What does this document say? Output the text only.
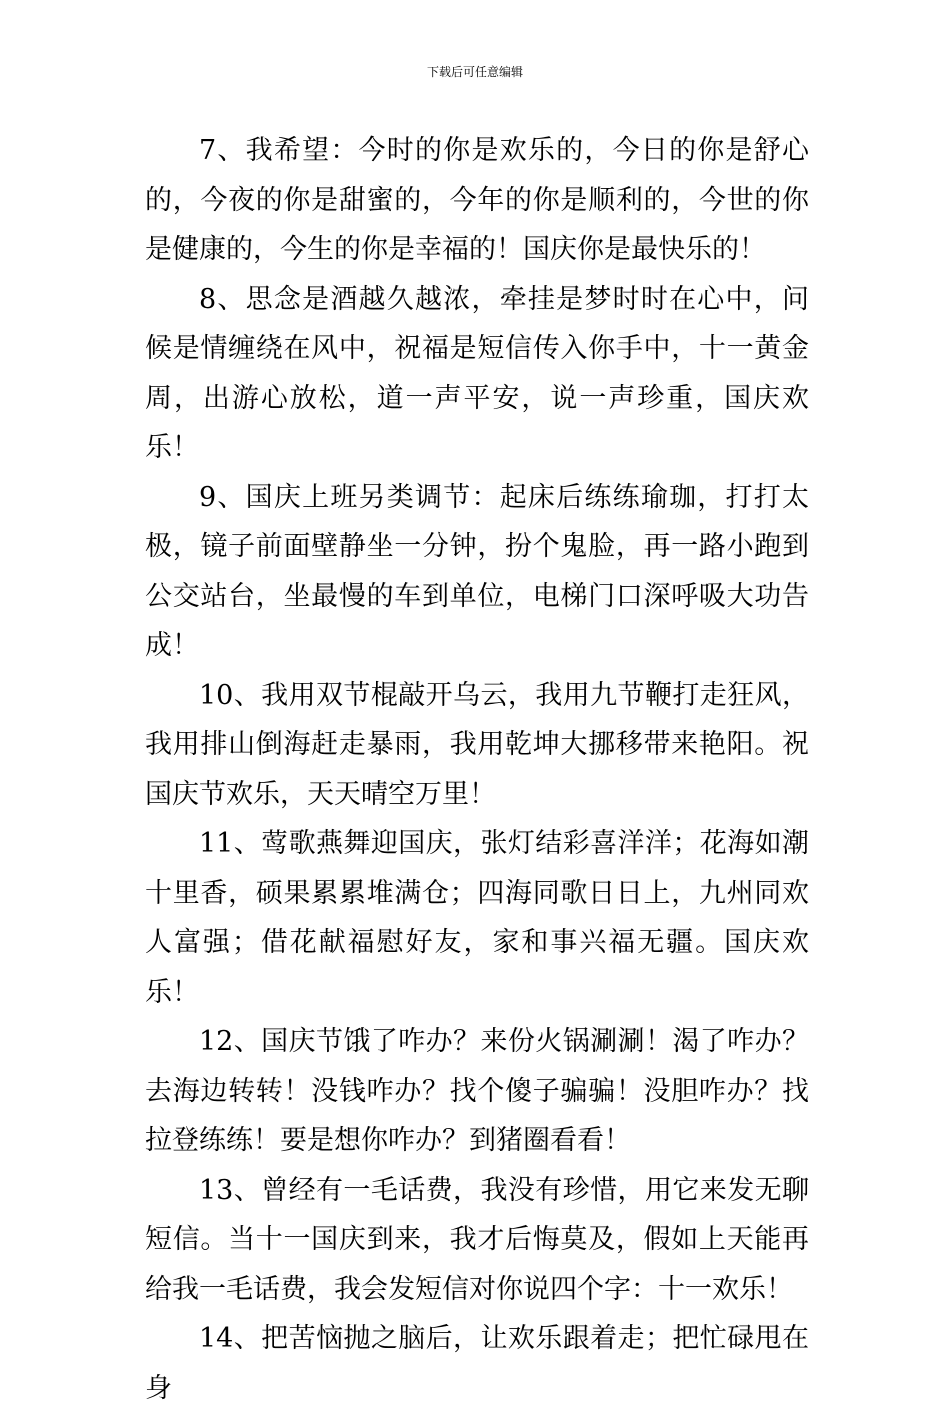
下载后可任意编辑

7、我希望：今时的你是欢乐的，今日的你是舒心的，今夜的你是甜蜜的，今年的你是顺利的，今世的你是健康的，今生的你是幸福的！国庆你是最快乐的！

8、思念是酒越久越浓，牵挂是梦时时在心中，问候是情缠绕在风中，祝福是短信传入你手中，十一黄金周，出游心放松，道一声平安，说一声珍重，国庆欢乐！

9、国庆上班另类调节：起床后练练瑜珈，打打太极，镜子前面壁静坐一分钟，扮个鬼脸，再一路小跑到公交站台，坐最慢的车到单位，电梯门口深呼吸大功告成！

10、我用双节棍敲开乌云，我用九节鞭打走狂风，我用排山倒海赶走暴雨，我用乾坤大挪移带来艳阳。祝国庆节欢乐，天天晴空万里！

11、莺歌燕舞迎国庆，张灯结彩喜洋洋；花海如潮十里香，硕果累累堆满仓；四海同歌日日上，九州同欢人富强；借花献福慰好友，家和事兴福无疆。国庆欢乐！

12、国庆节饿了咋办？来份火锅涮涮！渴了咋办？去海边转转！没钱咋办？找个傻子骗骗！没胆咋办？找拉登练练！要是想你咋办？到猪圈看看！

13、曾经有一毛话费，我没有珍惜，用它来发无聊短信。当十一国庆到来，我才后悔莫及，假如上天能再给我一毛话费，我会发短信对你说四个字：十一欢乐！

14、把苦恼抛之脑后，让欢乐跟着走；把忙碌甩在身
